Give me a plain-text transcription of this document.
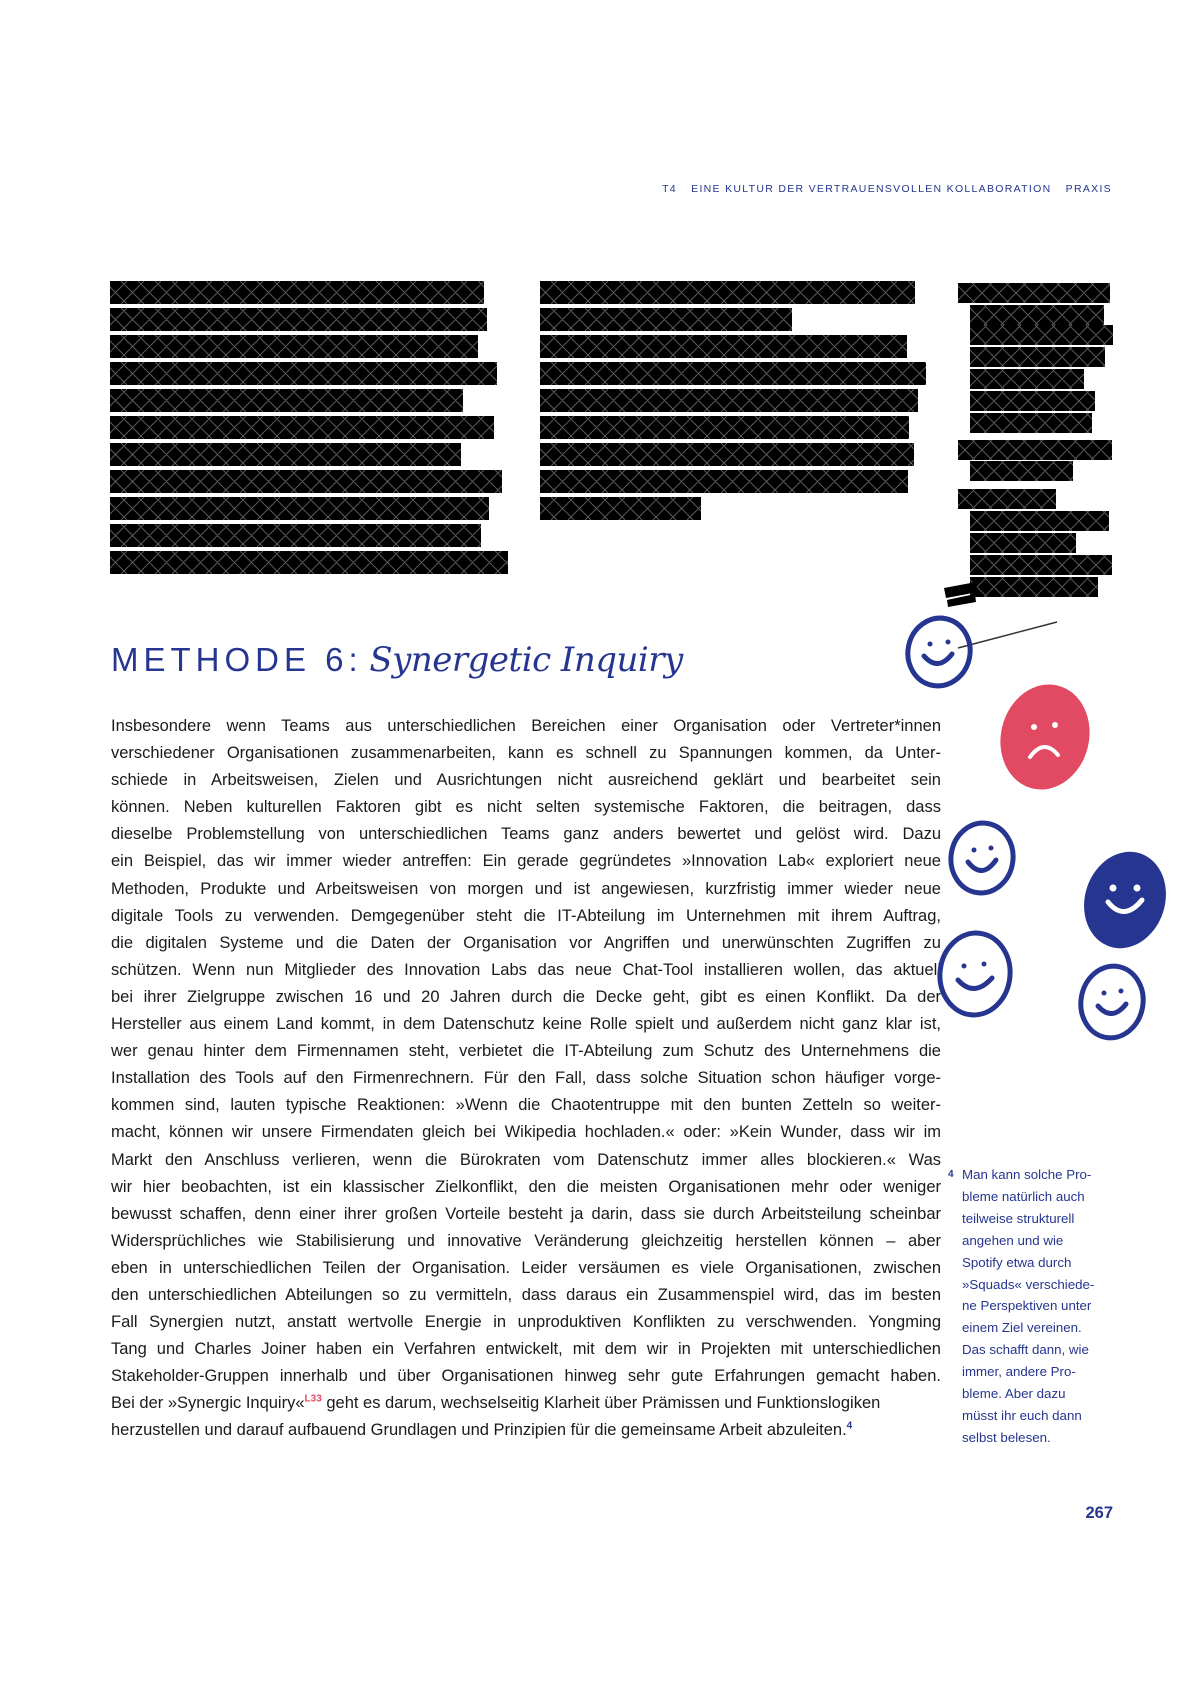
T4 EINE KULTUR DER VERTRAUENSVOLLEN KOLLABORATION PRAXIS
METHODE 6: Synergetic Inquiry
Insbesondere wenn Teams aus unterschiedlichen Bereichen einer Organisation oder Vertreter*innen
verschiedener Organisationen zusammenarbeiten, kann es schnell zu Spannungen kommen, da Unter-
schiede in Arbeitsweisen, Zielen und Ausrichtungen nicht ausreichend geklärt und bearbeitet sein
können. Neben kulturellen Faktoren gibt es nicht selten systemische Faktoren, die beitragen, dass
dieselbe Problemstellung von unterschiedlichen Teams ganz anders bewertet und gelöst wird. Dazu
ein Beispiel, das wir immer wieder antreffen: Ein gerade gegründetes »Innovation Lab« exploriert neue
Methoden, Produkte und Arbeitsweisen von morgen und ist angewiesen, kurzfristig immer wieder neue
digitale Tools zu verwenden. Demgegenüber steht die IT-Abteilung im Unternehmen mit ihrem Auftrag,
die digitalen Systeme und die Daten der Organisation vor Angriffen und unerwünschten Zugriffen zu
schützen. Wenn nun Mitglieder des Innovation Labs das neue Chat-Tool installieren wollen, das aktuell
bei ihrer Zielgruppe zwischen 16 und 20 Jahren durch die Decke geht, gibt es einen Konflikt. Da der
Hersteller aus einem Land kommt, in dem Datenschutz keine Rolle spielt und außerdem nicht ganz klar ist,
wer genau hinter dem Firmennamen steht, verbietet die IT-Abteilung zum Schutz des Unternehmens die
Installation des Tools auf den Firmenrechnern. Für den Fall, dass solche Situation schon häufiger vorge-
kommen sind, lauten typische Reaktionen: »Wenn die Chaotentruppe mit den bunten Zetteln so weiter-
macht, können wir unsere Firmendaten gleich bei Wikipedia hochladen.« oder: »Kein Wunder, dass wir im
Markt den Anschluss verlieren, wenn die Bürokraten vom Datenschutz immer alles blockieren.« Was
wir hier beobachten, ist ein klassischer Zielkonflikt, den die meisten Organisationen mehr oder weniger
bewusst schaffen, denn einer ihrer großen Vorteile besteht ja darin, dass sie durch Arbeitsteilung scheinbar
Widersprüchliches wie Stabilisierung und innovative Veränderung gleichzeitig herstellen können – aber
eben in unterschiedlichen Teilen der Organisation. Leider versäumen es viele Organisationen, zwischen
den unterschiedlichen Abteilungen so zu vermitteln, dass daraus ein Zusammenspiel wird, das im besten
Fall Synergien nutzt, anstatt wertvolle Energie in unproduktiven Konflikten zu verschwenden. Yongming
Tang und Charles Joiner haben ein Verfahren entwickelt, mit dem wir in Projekten mit unterschiedlichen
Stakeholder-Gruppen innerhalb und über Organisationen hinweg sehr gute Erfahrungen gemacht haben.
Bei der »Synergic Inquiry«$^{L33}$ geht es darum, wechselseitig Klarheit über Prämissen und Funktionslogiken
herzustellen und darauf aufbauend Grundlagen und Prinzipien für die gemeinsame Arbeit abzuleiten.$^4$
4 Man kann solche Pro-
bleme natürlich auch
teilweise strukturell
angehen und wie
Spotify etwa durch
»Squads« verschiede-
ne Perspektiven unter
einem Ziel vereinen.
Das schafft dann, wie
immer, andere Pro-
bleme. Aber dazu
müsst ihr euch dann
selbst belesen.
267
